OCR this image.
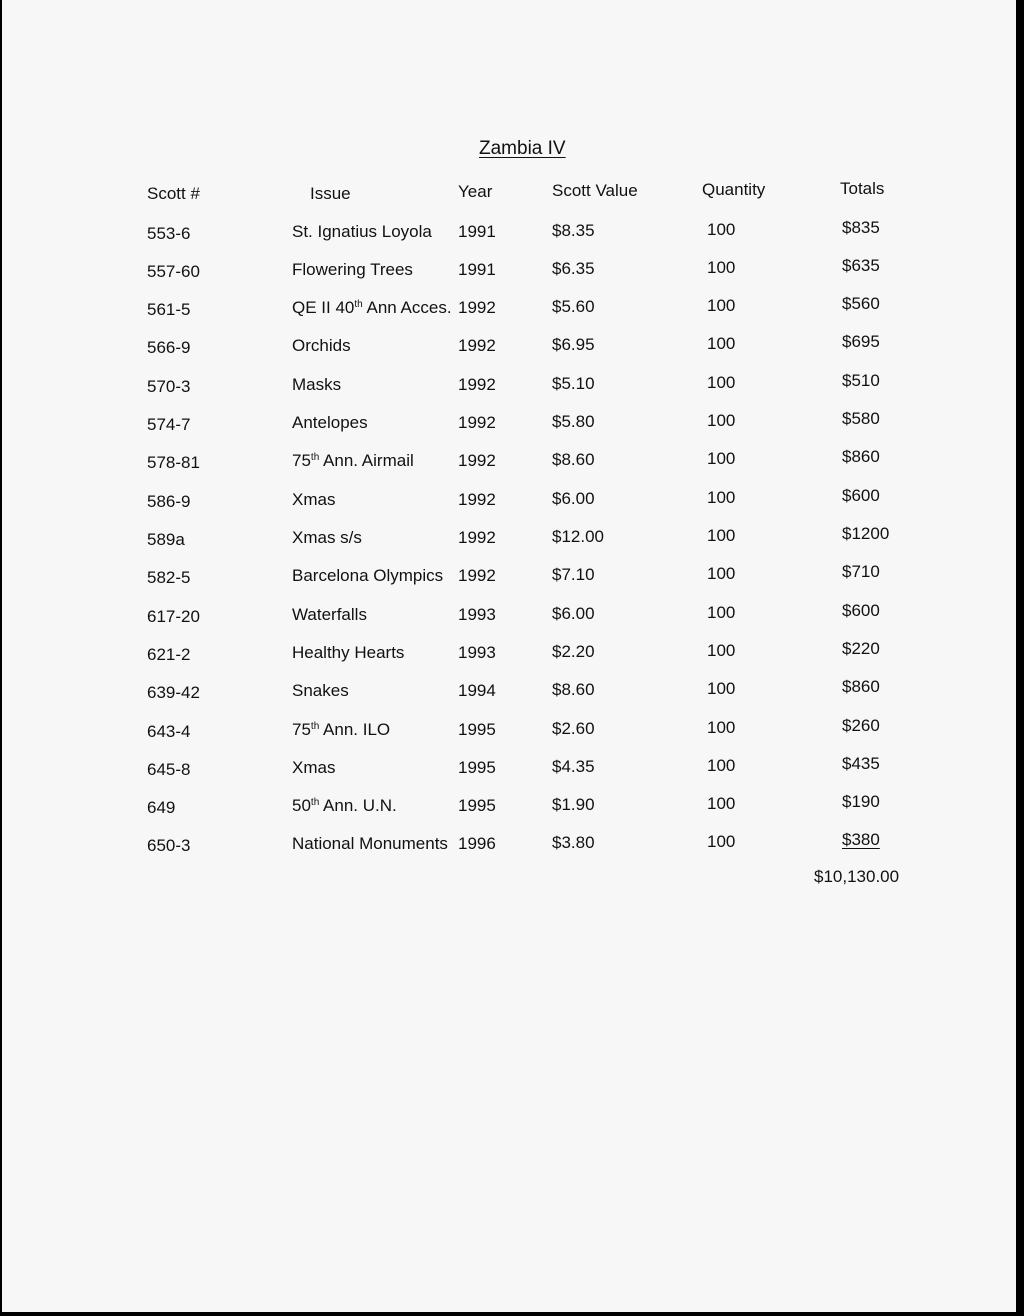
Zambia IV
Scott #	Issue	Year	Scott Value	Quantity	Totals
553-6	St. Ignatius Loyola 1991	$8.35	100	$835
557-60	Flowering Trees	1991	$6.35	100	$635
561-5	QE II 40th Ann Acces. 1992	$5.60	100	$560
566-9	Orchids	1992	$6.95	100	$695
570-3	Masks	1992	$5.10	100	$510
574-7	Antelopes	1992	$5.80	100	$580
578-81	75th Ann. Airmail	1992	$8.60	100	$860
586-9	Xmas	1992	$6.00	100	$600
589a	Xmas s/s	1992	$12.00	100	$1200
582-5	Barcelona Olympics 1992	$7.10	100	$710
617-20	Waterfalls	1993	$6.00	100	$600
621-2	Healthy Hearts	1993	$2.20	100	$220
639-42	Snakes	1994	$8.60	100	$860
643-4	75th Ann. ILO	1995	$2.60	100	$260
645-8	Xmas	1995	$4.35	100	$435
649	50th Ann. U.N.	1995	$1.90	100	$190
650-3	National Monuments 1996	$3.80	100	$380
$10,130.00
